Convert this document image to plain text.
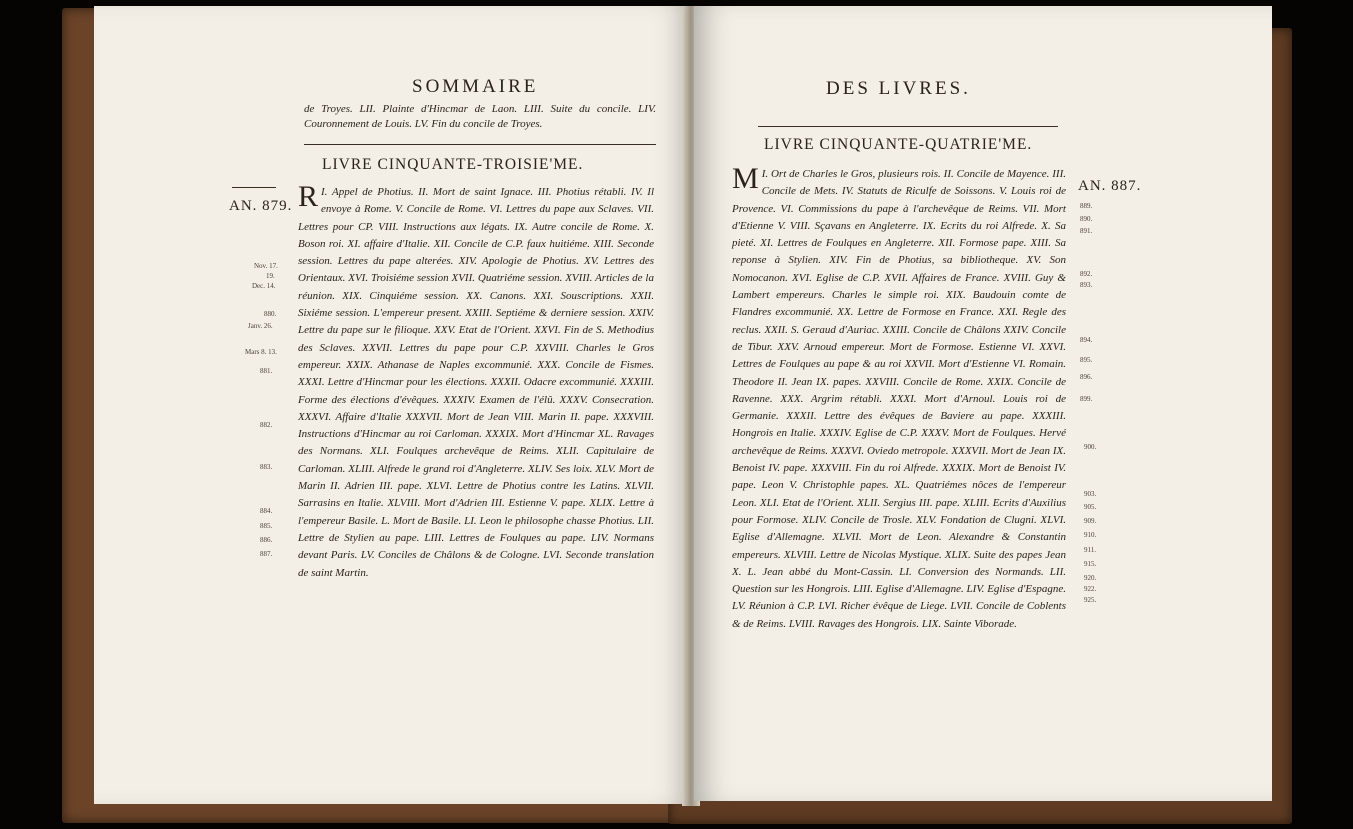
SOMMAIRE
de Troyes. LII. Plainte d'Hincmar de Laon. LIII. Suite du concile. LIV. Couronnement de Louis. LV. Fin du concile de Troyes.
LIVRE CINQUANTE-TROISIE'ME.
AN. 879.
I.
R Appel de Photius. II. Mort de saint Ignace. III. Photius rétabli. IV. Il envoye à Rome. V. Concile de Rome. VI. Lettres du pape aux Sclaves. VII. Lettres pour CP. VIII. Instructions aux légats. IX. Autre concile de Rome. X. Boson roi. XI. affaire d'Italie. XII. Concile de C.P. faux huitiéme. XIII. Seconde session. Lettres du pape alterées. XIV. Apologie de Photius. XV. Lettres des Orientaux. XVI. Troisiéme session XVII. Quatriéme session. XVIII. Articles de la réunion. XIX. Cinquiéme session. XX. Canons. XXI. Souscriptions. XXII. Sixiéme session. L'empereur present. XXIII. Septiéme & derniere session. XXIV. Lettre du pape sur le filioque. XXV. Etat de l'Orient. XXVI. Fin de S. Methodius des Sclaves. XXVII. Lettres du pape pour C.P. XXVIII. Charles le Gros empereur. XXIX. Athanase de Naples excommunié. XXX. Concile de Fismes. XXXI. Lettre d'Hincmar pour les élections. XXXII. Odacre excommunié. XXXIII. Forme des élections d'évêques. XXXIV. Examen de l'élû. XXXV. Consecration. XXXVI. Affaire d'Italie XXXVII. Mort de Jean VIII. Marin II. pape. XXXVIII. Instructions d'Hincmar au roi Carloman. XXXIX. Mort d'Hincmar XL. Ravages des Normans. XLI. Foulques archevêque de Reims. XLII. Capitulaire de Carloman. XLIII. Alfrede le grand roi d'Angleterre. XLIV. Ses loix. XLV. Mort de Marin II. Adrien III. pape. XLVI. Lettre de Photius contre les Latins. XLVII. Sarrasins en Italie. XLVIII. Mort d'Adrien III. Estienne V. pape. XLIX. Lettre à l'empereur Basile. L. Mort de Basile. LI. Leon le philosophe chasse Photius. LII. Lettre de Stylien au pape. LIII. Lettres de Foulques au pape. LIV. Normans devant Paris. LV. Conciles de Châlons & de Cologne. LVI. Seconde translation de saint Martin.
Nov. 17.
19.
Dec. 14.
880.
Janv. 26.
Mars 8. 13.
881.
882.
883.
884.
885.
886.
887.
DES LIVRES.
LIVRE CINQUANTE-QUATRIE'ME.
I.
M Ort de Charles le Gros, plusieurs rois. II. Concile de Mayence. III. Concile de Mets. IV. Statuts de Riculfe de Soissons. V. Louis roi de Provence. VI. Commissions du pape à l'archevêque de Reims. VII. Mort d'Etienne V. VIII. Sçavans en Angleterre. IX. Ecrits du roi Alfrede. X. Sa pieté. XI. Lettres de Foulques en Angleterre. XII. Formose pape. XIII. Sa reponse à Stylien. XIV. Fin de Photius, sa bibliotheque. XV. Son Nomocanon. XVI. Eglise de C.P. XVII. Affaires de France. XVIII. Guy & Lambert empereurs. Charles le simple roi. XIX. Baudouin comte de Flandres excommunié. XX. Lettre de Formose en France. XXI. Regle des reclus. XXII. S. Geraud d'Auriac. XXIII. Concile de Châlons XXIV. Concile de Tibur. XXV. Arnoud empereur. Mort de Formose. Estienne VI. XXVI. Lettres de Foulques au pape & au roi XXVII. Mort d'Estienne VI. Romain. Theodore II. Jean IX. papes. XXVIII. Concile de Rome. XXIX. Concile de Ravenne. XXX. Argrim rétabli. XXXI. Mort d'Arnoul. Louis roi de Germanie. XXXII. Lettre des évêques de Baviere au pape. XXXIII. Hongrois en Italie. XXXIV. Eglise de C.P. XXXV. Mort de Foulques. Hervé archevêque de Reims. XXXVI. Oviedo metropole. XXXVII. Mort de Jean IX. Benoist IV. pape. XXXVIII. Fin du roi Alfrede. XXXIX. Mort de Benoist IV. pape. Leon V. Christophle papes. XL. Quatriémes nôces de l'empereur Leon. XLI. Etat de l'Orient. XLII. Sergius III. pape. XLIII. Ecrits d'Auxilius pour Formose. XLIV. Concile de Trosle. XLV. Fondation de Clugni. XLVI. Eglise d'Allemagne. XLVII. Mort de Leon. Alexandre & Constantin empereurs. XLVIII. Lettre de Nicolas Mystique. XLIX. Suite des papes Jean X. L. Jean abbé du Mont-Cassin. LI. Conversion des Normands. LII. Question sur les Hongrois. LIII. Eglise d'Allemagne. LIV. Eglise d'Espagne. LV. Réunion à C.P. LVI. Richer évêque de Liege. LVII. Concile de Coblents & de Reims. LVIII. Ravages des Hongrois. LIX. Sainte Viborade.
AN. 887.
889.
890.
891.
892.
893.
894.
895.
896.
899.
900.
903.
905.
909.
910.
911.
915.
920.
922.
925.
